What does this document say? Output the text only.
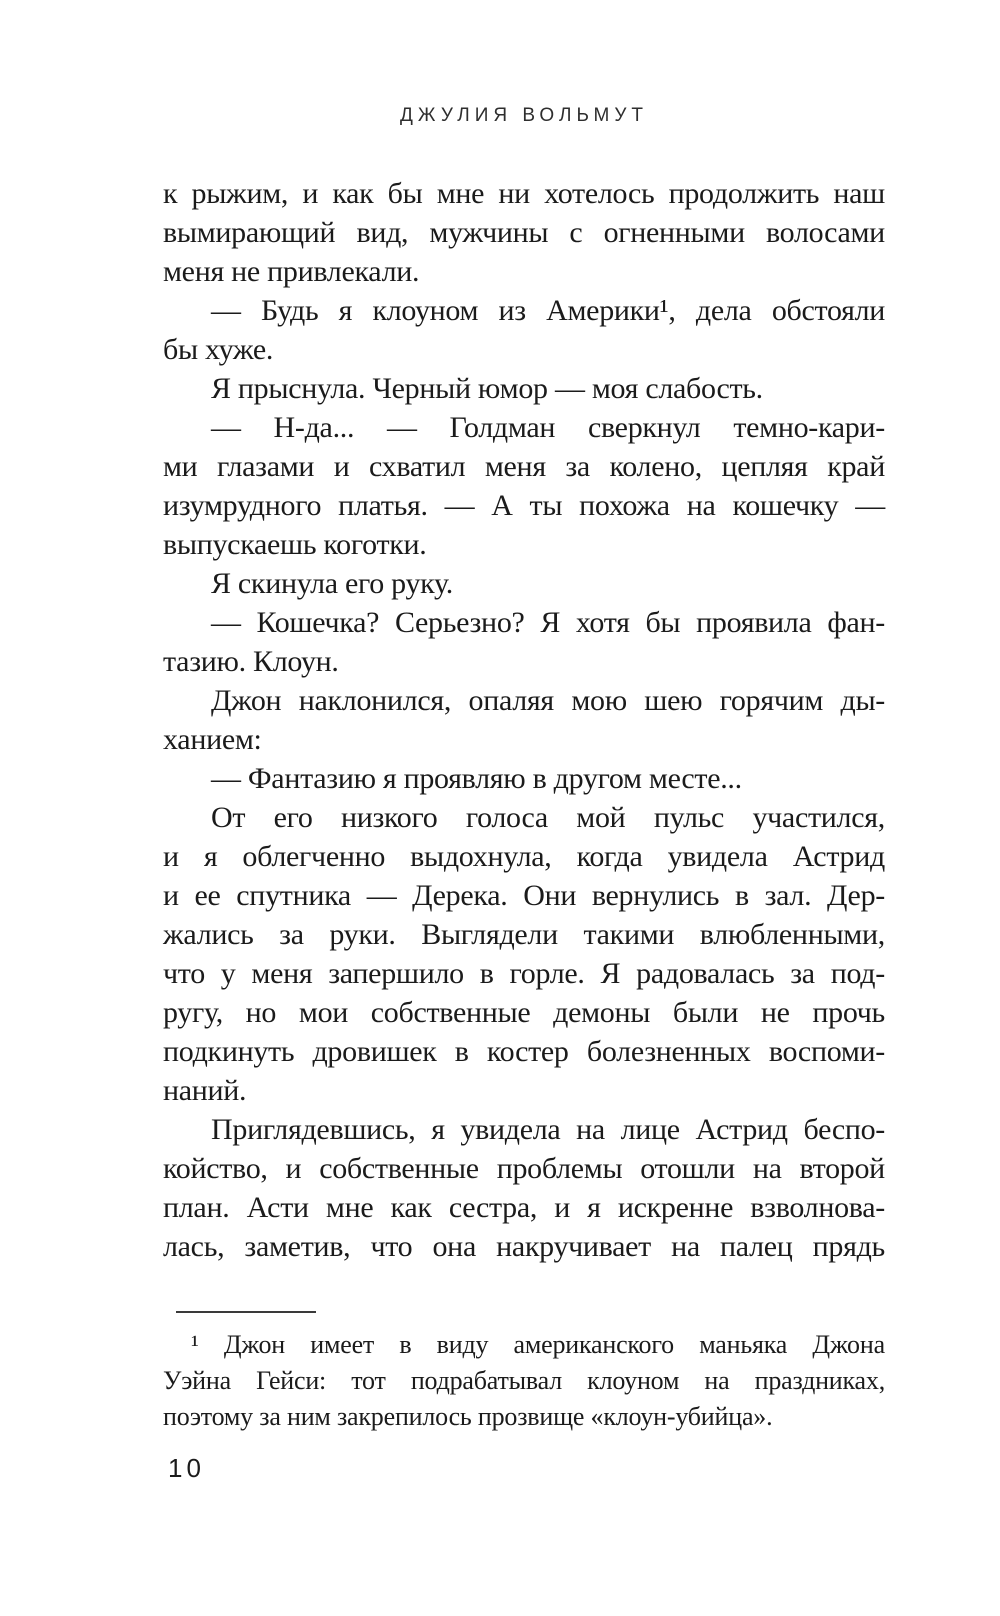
ДЖУЛИЯ ВОЛЬМУТ
к рыжим, и как бы мне ни хотелось продолжить наш
вымирающий вид, мужчины с огненными волосами
меня не привлекали.
— Будь я клоуном из Америки¹, дела обстояли
бы хуже.
Я прыснула. Черный юмор — моя слабость.
— Н-да... — Голдман сверкнул темно-кари-
ми глазами и схватил меня за колено, цепляя край
изумрудного платья. — А ты похожа на кошечку —
выпускаешь коготки.
Я скинула его руку.
— Кошечка? Серьезно? Я хотя бы проявила фан-
тазию. Клоун.
Джон наклонился, опаляя мою шею горячим ды-
ханием:
— Фантазию я проявляю в другом месте...
От его низкого голоса мой пульс участился,
и я облегченно выдохнула, когда увидела Астрид
и ее спутника — Дерека. Они вернулись в зал. Дер-
жались за руки. Выглядели такими влюбленными,
что у меня запершило в горле. Я радовалась за под-
ругу, но мои собственные демоны были не прочь
подкинуть дровишек в костер болезненных воспоми-
наний.
Приглядевшись, я увидела на лице Астрид беспо-
койство, и собственные проблемы отошли на второй
план. Асти мне как сестра, и я искренне взволнова-
лась, заметив, что она накручивает на палец прядь
¹ Джон имеет в виду американского маньяка Джона
Уэйна Гейси: тот подрабатывал клоуном на праздниках,
поэтому за ним закрепилось прозвище «клоун-убийца».
10
